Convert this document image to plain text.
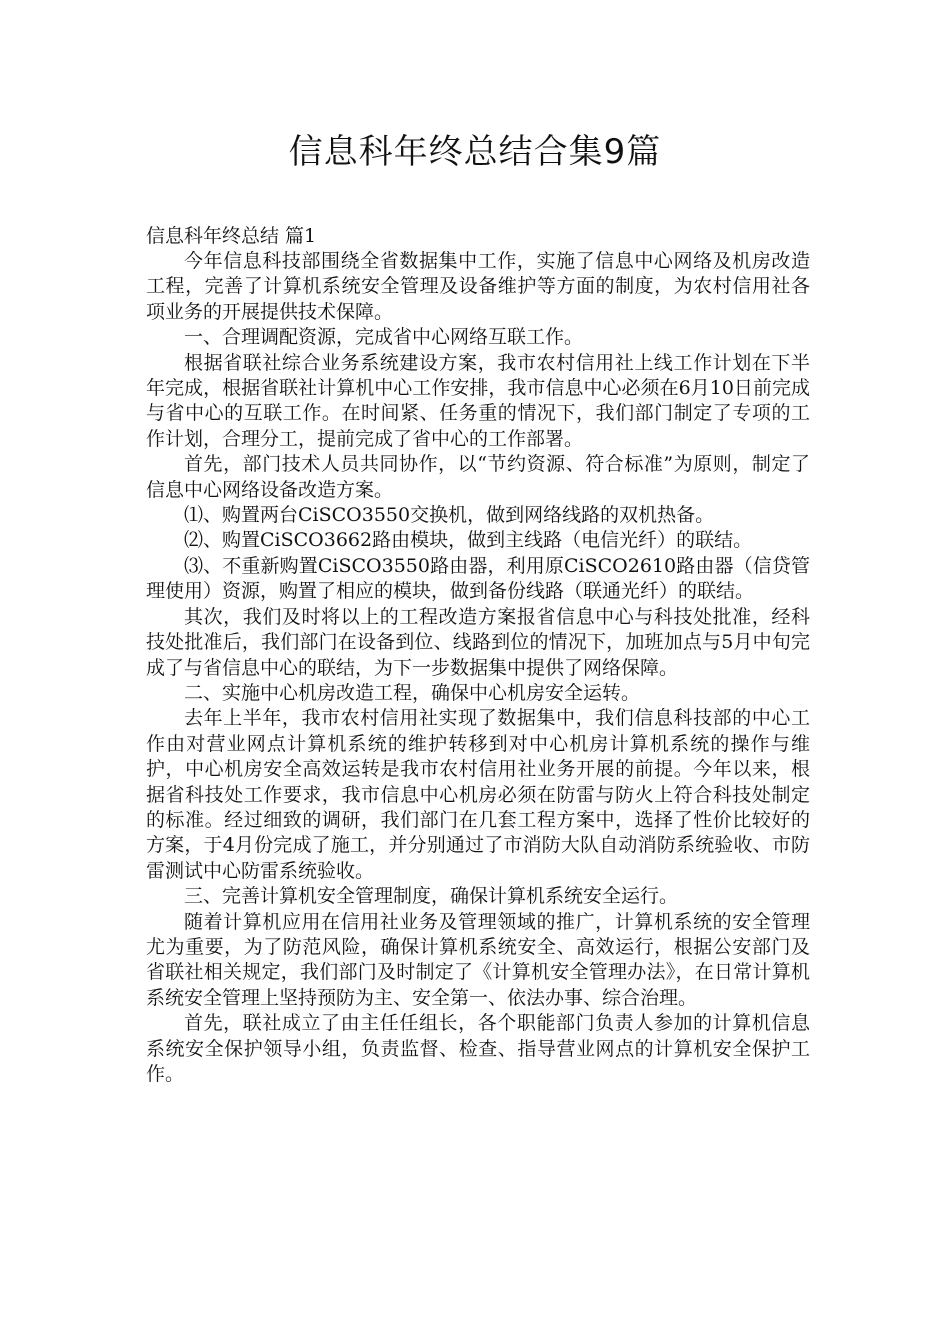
信息科年终总结合集9篇

信息科年终总结 篇1

今年信息科技部围绕全省数据集中工作，实施了信息中心网络及机房改造工程，完善了计算机系统安全管理及设备维护等方面的制度，为农村信用社各项业务的开展提供技术保障。

一、合理调配资源，完成省中心网络互联工作。

根据省联社综合业务系统建设方案，我市农村信用社上线工作计划在下半年完成，根据省联社计算机中心工作安排，我市信息中心必须在6月10日前完成与省中心的互联工作。在时间紧、任务重的情况下，我们部门制定了专项的工作计划，合理分工，提前完成了省中心的工作部署。

首先，部门技术人员共同协作，以“节约资源、符合标准”为原则，制定了信息中心网络设备改造方案。

⑴、购置两台CiSCO3550交换机，做到网络线路的双机热备。

⑵、购置CiSCO3662路由模块，做到主线路（电信光纤）的联结。

⑶、不重新购置CiSCO3550路由器，利用原CiSCO2610路由器（信贷管理使用）资源，购置了相应的模块，做到备份线路（联通光纤）的联结。

其次，我们及时将以上的工程改造方案报省信息中心与科技处批准，经科技处批准后，我们部门在设备到位、线路到位的情况下，加班加点与5月中旬完成了与省信息中心的联结，为下一步数据集中提供了网络保障。

二、实施中心机房改造工程，确保中心机房安全运转。

去年上半年，我市农村信用社实现了数据集中，我们信息科技部的中心工作由对营业网点计算机系统的维护转移到对中心机房计算机系统的操作与维护，中心机房安全高效运转是我市农村信用社业务开展的前提。今年以来，根据省科技处工作要求，我市信息中心机房必须在防雷与防火上符合科技处制定的标准。经过细致的调研，我们部门在几套工程方案中，选择了性价比较好的方案，于4月份完成了施工，并分别通过了市消防大队自动消防系统验收、市防雷测试中心防雷系统验收。

三、完善计算机安全管理制度，确保计算机系统安全运行。

随着计算机应用在信用社业务及管理领域的推广，计算机系统的安全管理尤为重要，为了防范风险，确保计算机系统安全、高效运行，根据公安部门及省联社相关规定，我们部门及时制定了《计算机安全管理办法》，在日常计算机系统安全管理上坚持预防为主、安全第一、依法办事、综合治理。

首先，联社成立了由主任任组长，各个职能部门负责人参加的计算机信息系统安全保护领导小组，负责监督、检查、指导营业网点的计算机安全保护工作。
